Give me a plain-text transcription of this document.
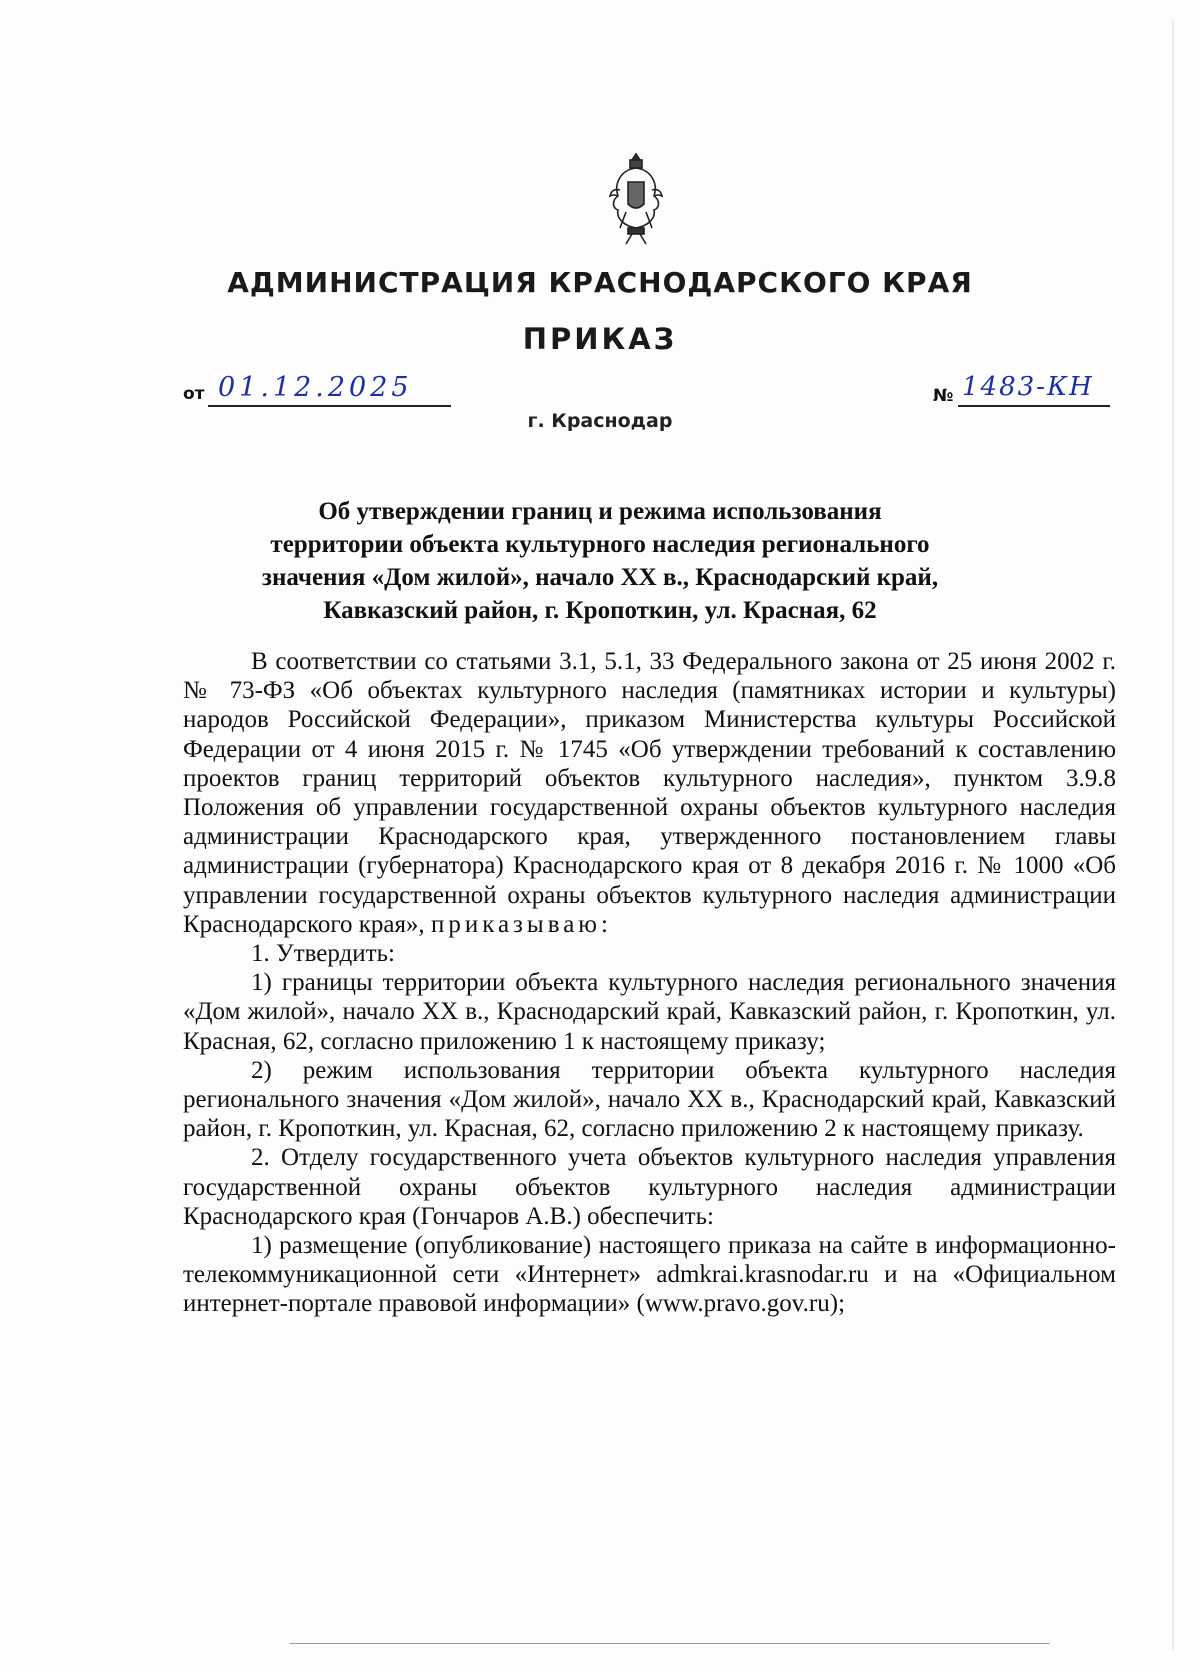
АДМИНИСТРАЦИЯ КРАСНОДАРСКОГО КРАЯ
ПРИКАЗ
от 01.12.2025
г. Краснодар
№ 1483-КН
Об утверждении границ и режима использования
территории объекта культурного наследия регионального
значения «Дом жилой», начало XX в., Краснодарский край,
Кавказский район, г. Кропоткин, ул. Красная, 62

В соответствии со статьями 3.1, 5.1, 33 Федерального закона от 25 июня 2002 г. № 73-ФЗ «Об объектах культурного наследия (памятниках истории и культуры) народов Российской Федерации», приказом Министерства культуры Российской Федерации от 4 июня 2015 г. № 1745 «Об утверждении требований к составлению проектов границ территорий объектов культурного наследия», пунктом 3.9.8 Положения об управлении государственной охраны объектов культурного наследия администрации Краснодарского края, утвержденного постановлением главы администрации (губернатора) Краснодарского края от 8 декабря 2016 г. № 1000 «Об управлении государственной охраны объектов культурного наследия администрации Краснодарского края», приказываю:

1. Утвердить:

1) границы территории объекта культурного наследия регионального значения «Дом жилой», начало XX в., Краснодарский край, Кавказский район, г. Кропоткин, ул. Красная, 62, согласно приложению 1 к настоящему приказу;

2) режим использования территории объекта культурного наследия регионального значения «Дом жилой», начало XX в., Краснодарский край, Кавказский район, г. Кропоткин, ул. Красная, 62, согласно приложению 2 к настоящему приказу.

2. Отделу государственного учета объектов культурного наследия управления государственной охраны объектов культурного наследия администрации Краснодарского края (Гончаров А.В.) обеспечить:

1) размещение (опубликование) настоящего приказа на сайте в информационно-телекоммуникационной сети «Интернет» admkrai.krasnodar.ru и на «Официальном интернет-портале правовой информации» (www.pravo.gov.ru);
